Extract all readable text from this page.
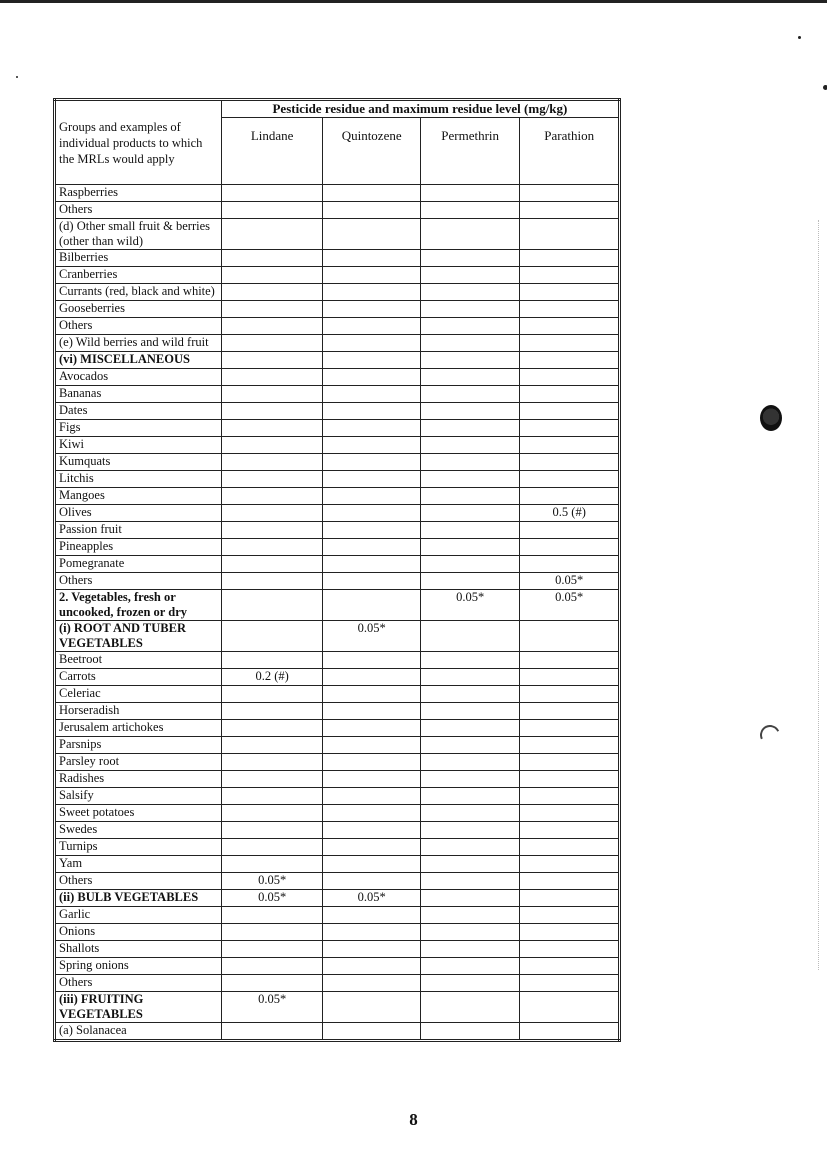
Groups and examples of individual products to which the MRLs would apply	Pesticide residue and maximum residue level (mg/kg)			
	Lindane	Quintozene	Permethrin	Parathion
Raspberries				
Others				
(d) Other small fruit & berries (other than wild)				
Bilberries				
Cranberries				
Currants (red, black and white)				
Gooseberries				
Others				
(e) Wild berries and wild fruit				
(vi) MISCELLANEOUS				
Avocados				
Bananas				
Dates				
Figs				
Kiwi				
Kumquats				
Litchis				
Mangoes				
Olives				0.5 (#)
Passion fruit				
Pineapples				
Pomegranate				
Others				0.05*
2. Vegetables, fresh or uncooked, frozen or dry			0.05*	0.05*
(i) ROOT AND TUBER VEGETABLES		0.05*		
Beetroot				
Carrots	0.2 (#)			
Celeriac				
Horseradish				
Jerusalem artichokes				
Parsnips				
Parsley root				
Radishes				
Salsify				
Sweet potatoes				
Swedes				
Turnips				
Yam				
Others	0.05*			
(ii) BULB VEGETABLES	0.05*	0.05*		
Garlic				
Onions				
Shallots				
Spring onions				
Others				
(iii) FRUITING VEGETABLES	0.05*			
(a) Solanacea				
8
